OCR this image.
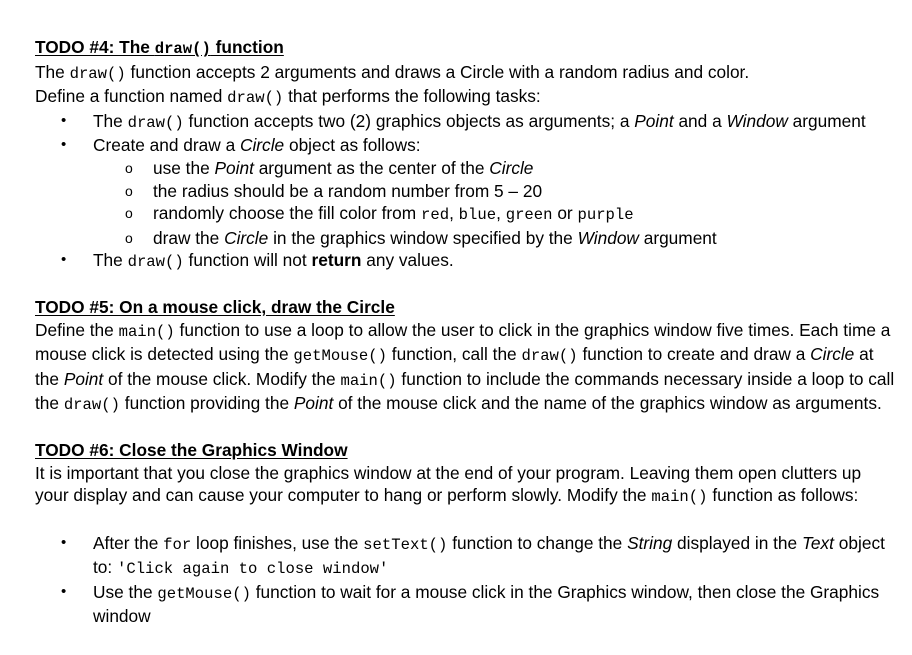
TODO #4: The draw() function

The draw() function accepts 2 arguments and draws a Circle with a random radius and color.

Define a function named draw() that performs the following tasks:

• The draw() function accepts two (2) graphics objects as arguments; a Point and a Window argument
• Create and draw a Circle object as follows:
o use the Point argument as the center of the Circle
o the radius should be a random number from 5 – 20
o randomly choose the fill color from red, blue, green or purple
o draw the Circle in the graphics window specified by the Window argument
• The draw() function will not return any values.

TODO #5: On a mouse click, draw the Circle

Define the main() function to use a loop to allow the user to click in the graphics window five times. Each time a mouse click is detected using the getMouse() function, call the draw() function to create and draw a Circle at the Point of the mouse click. Modify the main() function to include the commands necessary inside a loop to call the draw() function providing the Point of the mouse click and the name of the graphics window as arguments.

TODO #6: Close the Graphics Window

It is important that you close the graphics window at the end of your program. Leaving them open clutters up your display and can cause your computer to hang or perform slowly. Modify the main() function as follows:

• After the for loop finishes, use the setText() function to change the String displayed in the Text object to: 'Click again to close window'
• Use the getMouse() function to wait for a mouse click in the Graphics window, then close the Graphics window
